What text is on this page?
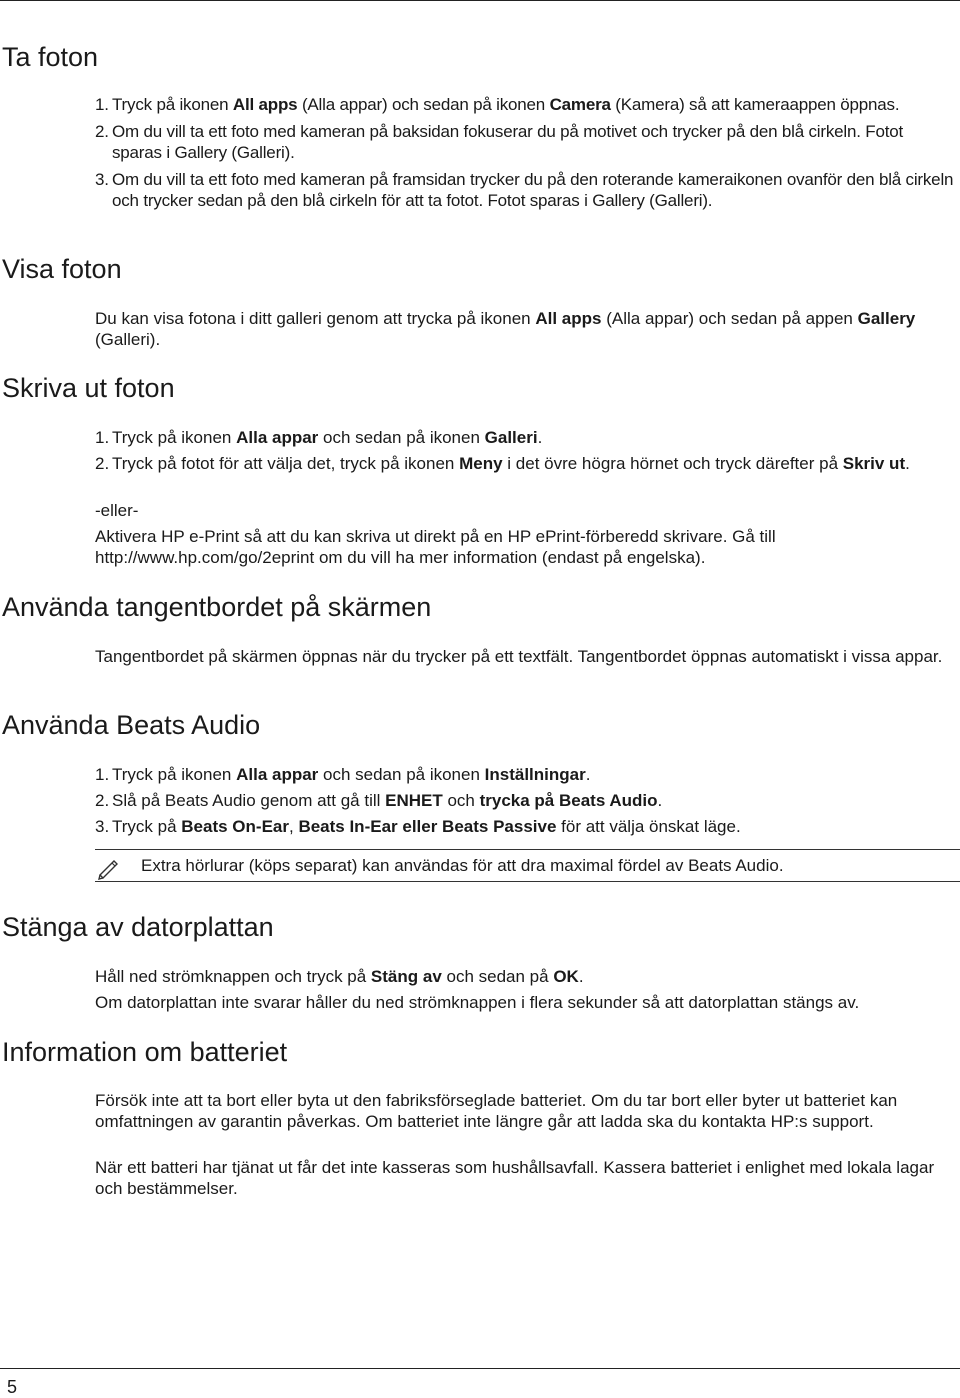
Ta foton
1. Tryck på ikonen All apps (Alla appar) och sedan på ikonen Camera (Kamera) så att kameraappen öppnas.
2. Om du vill ta ett foto med kameran på baksidan fokuserar du på motivet och trycker på den blå cirkeln. Fotot sparas i Gallery (Galleri).
3. Om du vill ta ett foto med kameran på framsidan trycker du på den roterande kameraikonen ovanför den blå cirkeln och trycker sedan på den blå cirkeln för att ta fotot. Fotot sparas i Gallery (Galleri).
Visa foton

Du kan visa fotona i ditt galleri genom att trycka på ikonen All apps (Alla appar) och sedan på appen Gallery (Galleri).

Skriva ut foton
1. Tryck på ikonen Alla appar och sedan på ikonen Galleri.
2. Tryck på fotot för att välja det, tryck på ikonen Meny i det övre högra hörnet och tryck därefter på Skriv ut.

-eller-

Aktivera HP e-Print så att du kan skriva ut direkt på en HP ePrint-förberedd skrivare. Gå till http://www.hp.com/go/2eprint om du vill ha mer information (endast på engelska).

Använda tangentbordet på skärmen

Tangentbordet på skärmen öppnas när du trycker på ett textfält. Tangentbordet öppnas automatiskt i vissa appar.

Använda Beats Audio
1. Tryck på ikonen Alla appar och sedan på ikonen Inställningar.
2. Slå på Beats Audio genom att gå till ENHET och trycka på Beats Audio.
3. Tryck på Beats On-Ear, Beats In-Ear eller Beats Passive för att välja önskat läge.

Extra hörlurar (köps separat) kan användas för att dra maximal fördel av Beats Audio.

Stänga av datorplattan

Håll ned strömknappen och tryck på Stäng av och sedan på OK.

Om datorplattan inte svarar håller du ned strömknappen i flera sekunder så att datorplattan stängs av.

Information om batteriet

Försök inte att ta bort eller byta ut den fabriksförseglade batteriet. Om du tar bort eller byter ut batteriet kan omfattningen av garantin påverkas. Om batteriet inte längre går att ladda ska du kontakta HP:s support.

När ett batteri har tjänat ut får det inte kasseras som hushållsavfall. Kassera batteriet i enlighet med lokala lagar och bestämmelser.

5
